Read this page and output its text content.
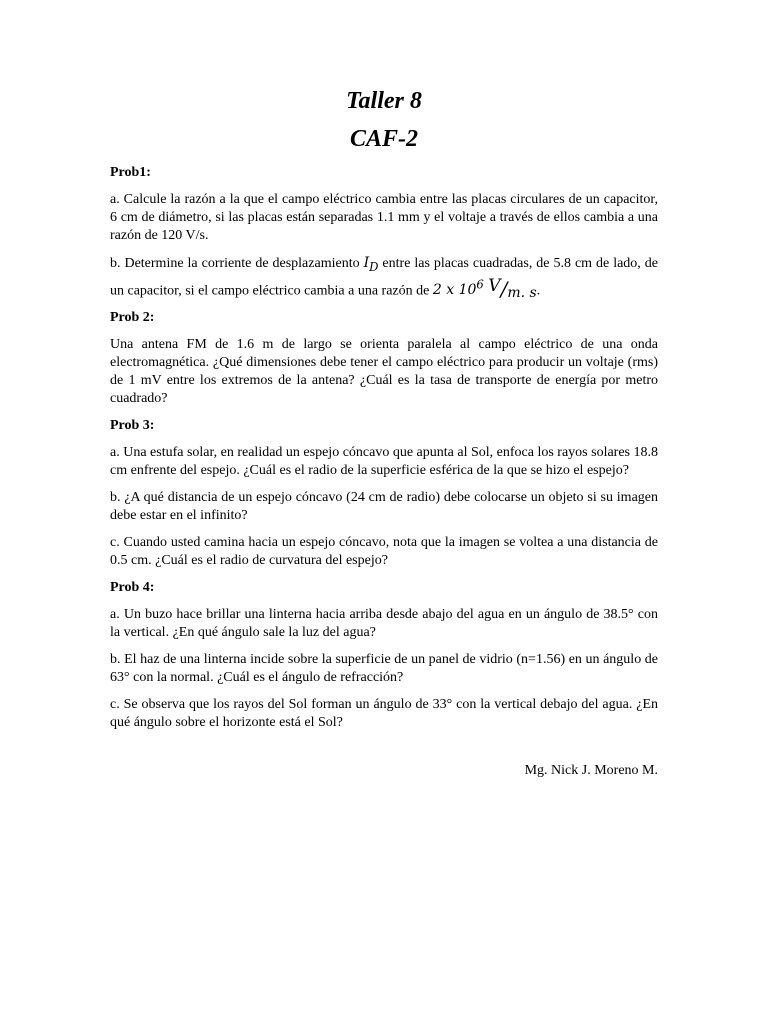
Taller 8
CAF-2

Prob1:

a. Calcule la razón a la que el campo eléctrico cambia entre las placas circulares de un capacitor, 6 cm de diámetro, si las placas están separadas 1.1 mm y el voltaje a través de ellos cambia a una razón de 120 V/s.

b. Determine la corriente de desplazamiento $I_D$ entre las placas cuadradas, de 5.8 cm de lado, de un capacitor, si el campo eléctrico cambia a una razón de 2 x $10^6$ V/m. s.

Prob 2:

Una antena FM de 1.6 m de largo se orienta paralela al campo eléctrico de una onda electromagnética. ¿Qué dimensiones debe tener el campo eléctrico para producir un voltaje (rms) de 1 mV entre los extremos de la antena? ¿Cuál es la tasa de transporte de energía por metro cuadrado?

Prob 3:

a. Una estufa solar, en realidad un espejo cóncavo que apunta al Sol, enfoca los rayos solares 18.8 cm enfrente del espejo. ¿Cuál es el radio de la superficie esférica de la que se hizo el espejo?

b. ¿A qué distancia de un espejo cóncavo (24 cm de radio) debe colocarse un objeto si su imagen debe estar en el infinito?

c. Cuando usted camina hacia un espejo cóncavo, nota que la imagen se voltea a una distancia de 0.5 cm. ¿Cuál es el radio de curvatura del espejo?

Prob 4:

a. Un buzo hace brillar una linterna hacia arriba desde abajo del agua en un ángulo de 38.5° con la vertical. ¿En qué ángulo sale la luz del agua?

b. El haz de una linterna incide sobre la superficie de un panel de vidrio (n=1.56) en un ángulo de 63° con la normal. ¿Cuál es el ángulo de refracción?

c. Se observa que los rayos del Sol forman un ángulo de 33° con la vertical debajo del agua. ¿En qué ángulo sobre el horizonte está el Sol?

Mg. Nick J. Moreno M.
